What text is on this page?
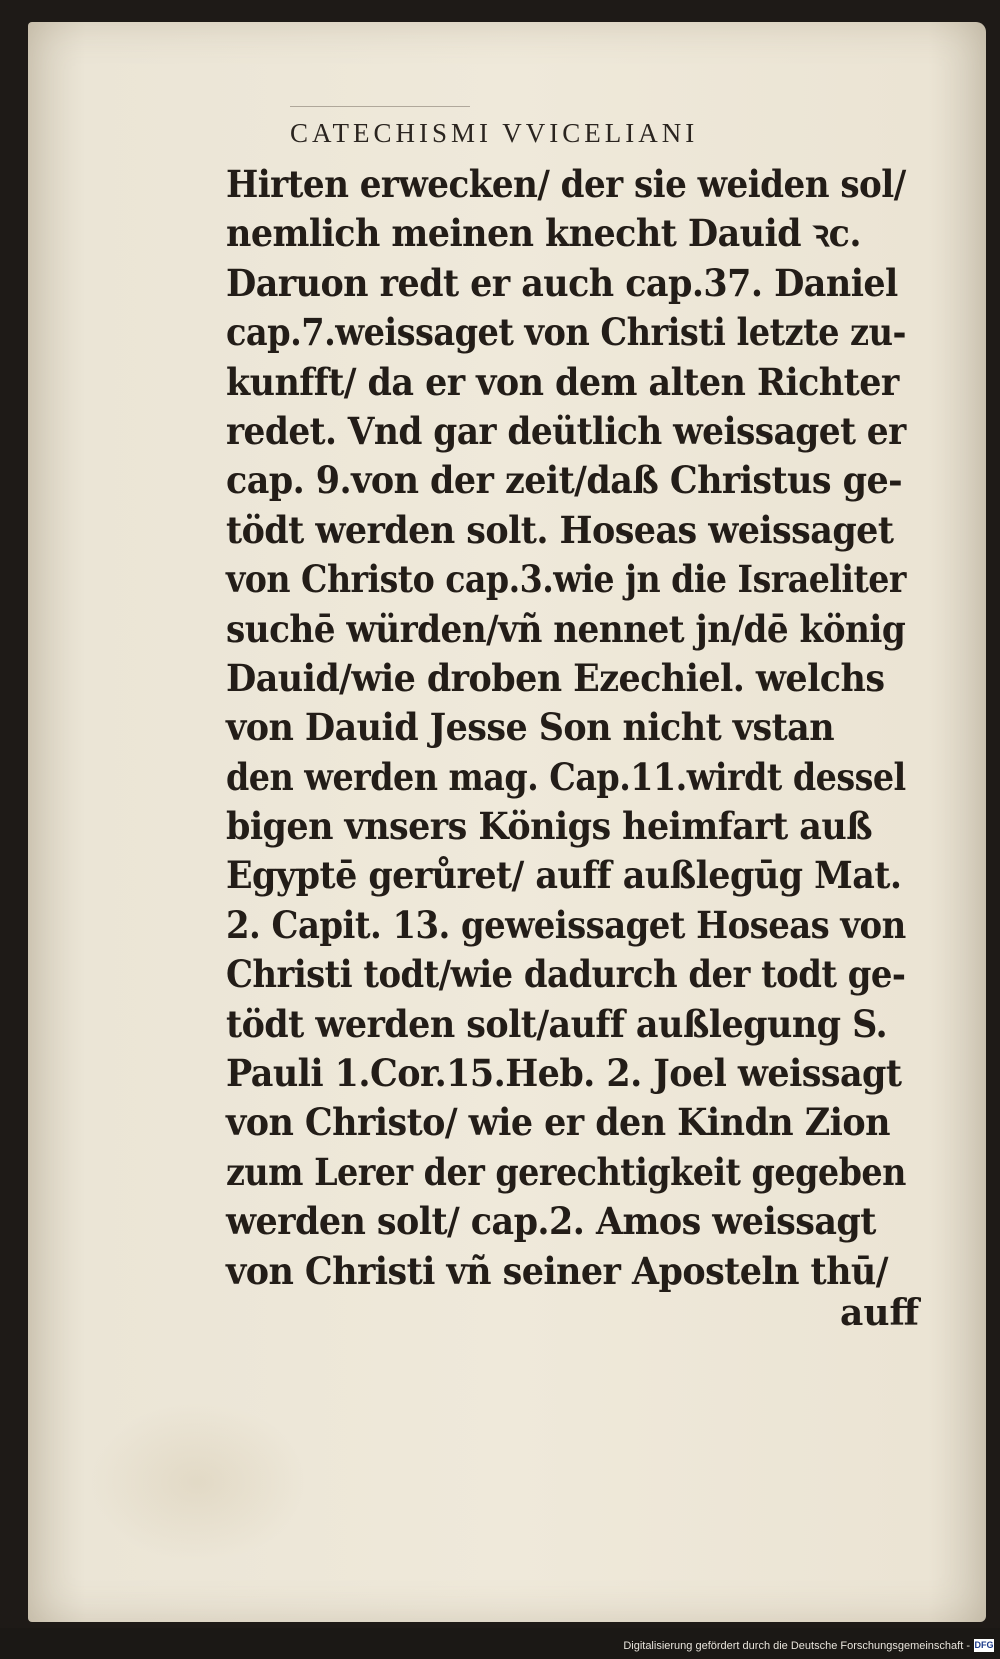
CATECHISMI VVICELIANI
Hirten erwecken/ der sie weiden sol/
nemlich meinen knecht Dauid ꝛc.
Daruon redt er auch cap.37. Daniel
cap.7.weissaget von Christi letzte zu-
kunfft/ da er von dem alten Richter
redet. Vnd gar deütlich weissaget er
cap. 9.von der zeit/daß Christus ge-
tödt werden solt. Hoseas weissaget
von Christo cap.3.wie jn die Israeliter
suchē würden/vñ nennet jn/dē könig
Dauid/wie droben Ezechiel. welchs
von Dauid Jesse Son nicht vstan
den werden mag. Cap.11.wirdt dessel
bigen vnsers Königs heimfart auß
Egyptē gerůret/ auff außlegūg Mat.
2. Capit. 13. geweissaget Hoseas von
Christi todt/wie dadurch der todt ge-
tödt werden solt/auff außlegung S.
Pauli 1.Cor.15.Heb. 2. Joel weissagt
von Christo/ wie er den Kindn Zion
zum Lerer der gerechtigkeit gegeben
werden solt/ cap.2. Amos weissagt
von Christi vñ seiner Aposteln thū/
auff
Digitalisierung gefördert durch die Deutsche Forschungsgemeinschaft - DFG
